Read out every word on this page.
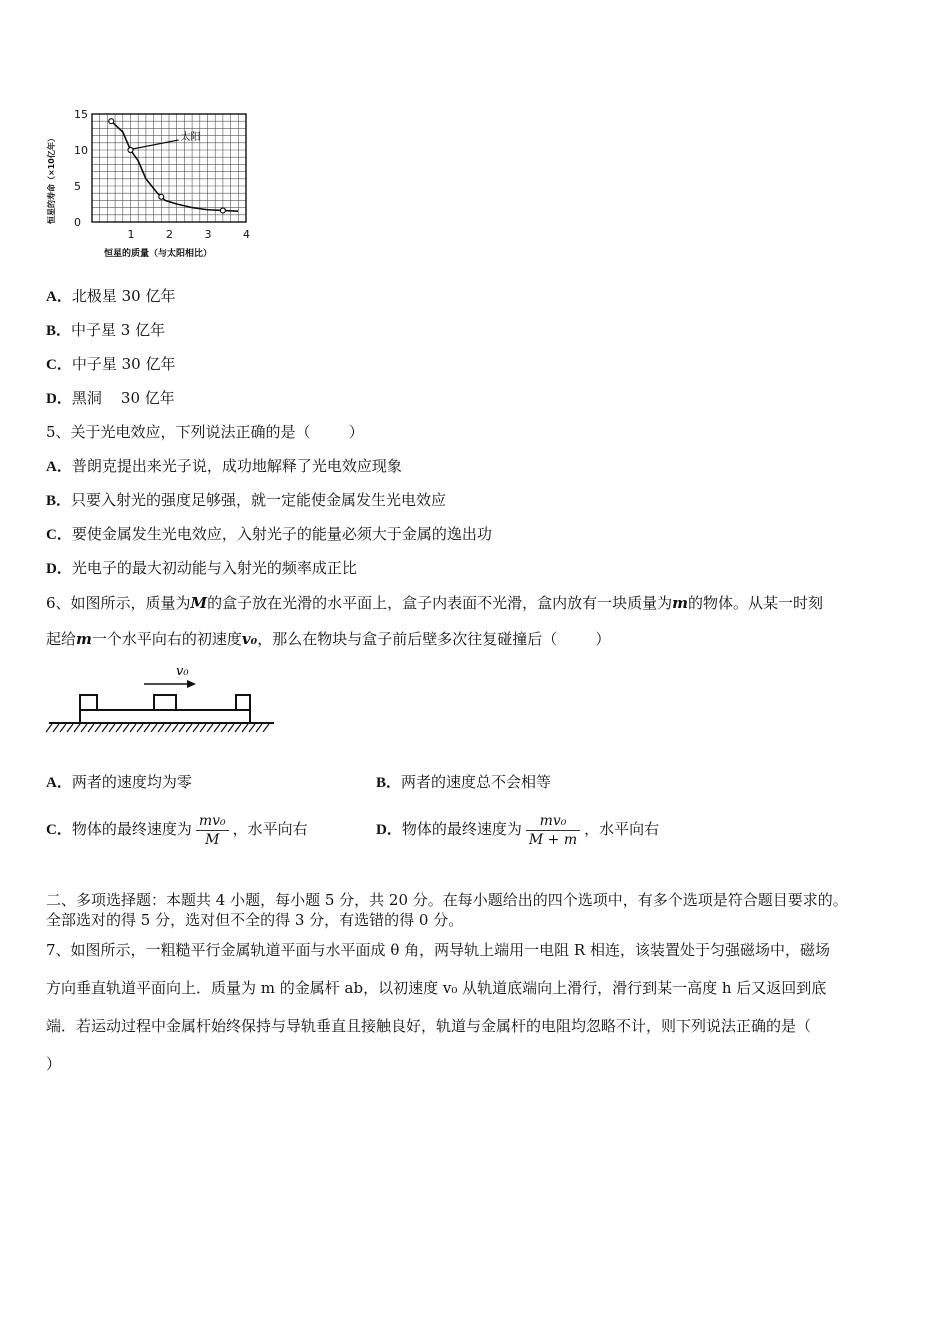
0
5
10
15
1	2	3	4
恒星的质量（与太阳相比）
恒星的寿命（×10亿年）	太阳
A．北极星 30 亿年
B．中子星 3 亿年
C．中子星 30 亿年
D．黑洞    30 亿年
5、关于光电效应，下列说法正确的是（        ）
A．普朗克提出来光子说，成功地解释了光电效应现象
B．只要入射光的强度足够强，就一定能使金属发生光电效应
C．要使金属发生光电效应，入射光子的能量必须大于金属的逸出功
D．光电子的最大初动能与入射光的频率成正比
6、如图所示，质量为M的盒子放在光滑的水平面上，盒子内表面不光滑，盒内放有一块质量为m的物体。从某一时刻
起给m一个水平向右的初速度v₀，那么在物块与盒子前后壁多次往复碰撞后（        ）
v₀
A．两者的速度均为零	B．两者的速度总不会相等
C．物体的最终速度为 $\frac{\text{mv₀}}{M}$ ，水平向右	D．物体的最终速度为 $\frac{\text{mv₀}}{M + m}$ ，水平向右
二、多项选择题：本题共 4 小题，每小题 5 分，共 20 分。在每小题给出的四个选项中，有多个选项是符合题目要求的。
全部选对的得 5 分，选对但不全的得 3 分，有选错的得 0 分。
7、如图所示，一粗糙平行金属轨道平面与水平面成 θ 角，两导轨上端用一电阻 R 相连，该装置处于匀强磁场中，磁场
方向垂直轨道平面向上．质量为 m 的金属杆 ab，以初速度 v₀ 从轨道底端向上滑行，滑行到某一高度 h 后又返回到底
端．若运动过程中金属杆始终保持与导轨垂直且接触良好，轨道与金属杆的电阻均忽略不计，则下列说法正确的是（
）
